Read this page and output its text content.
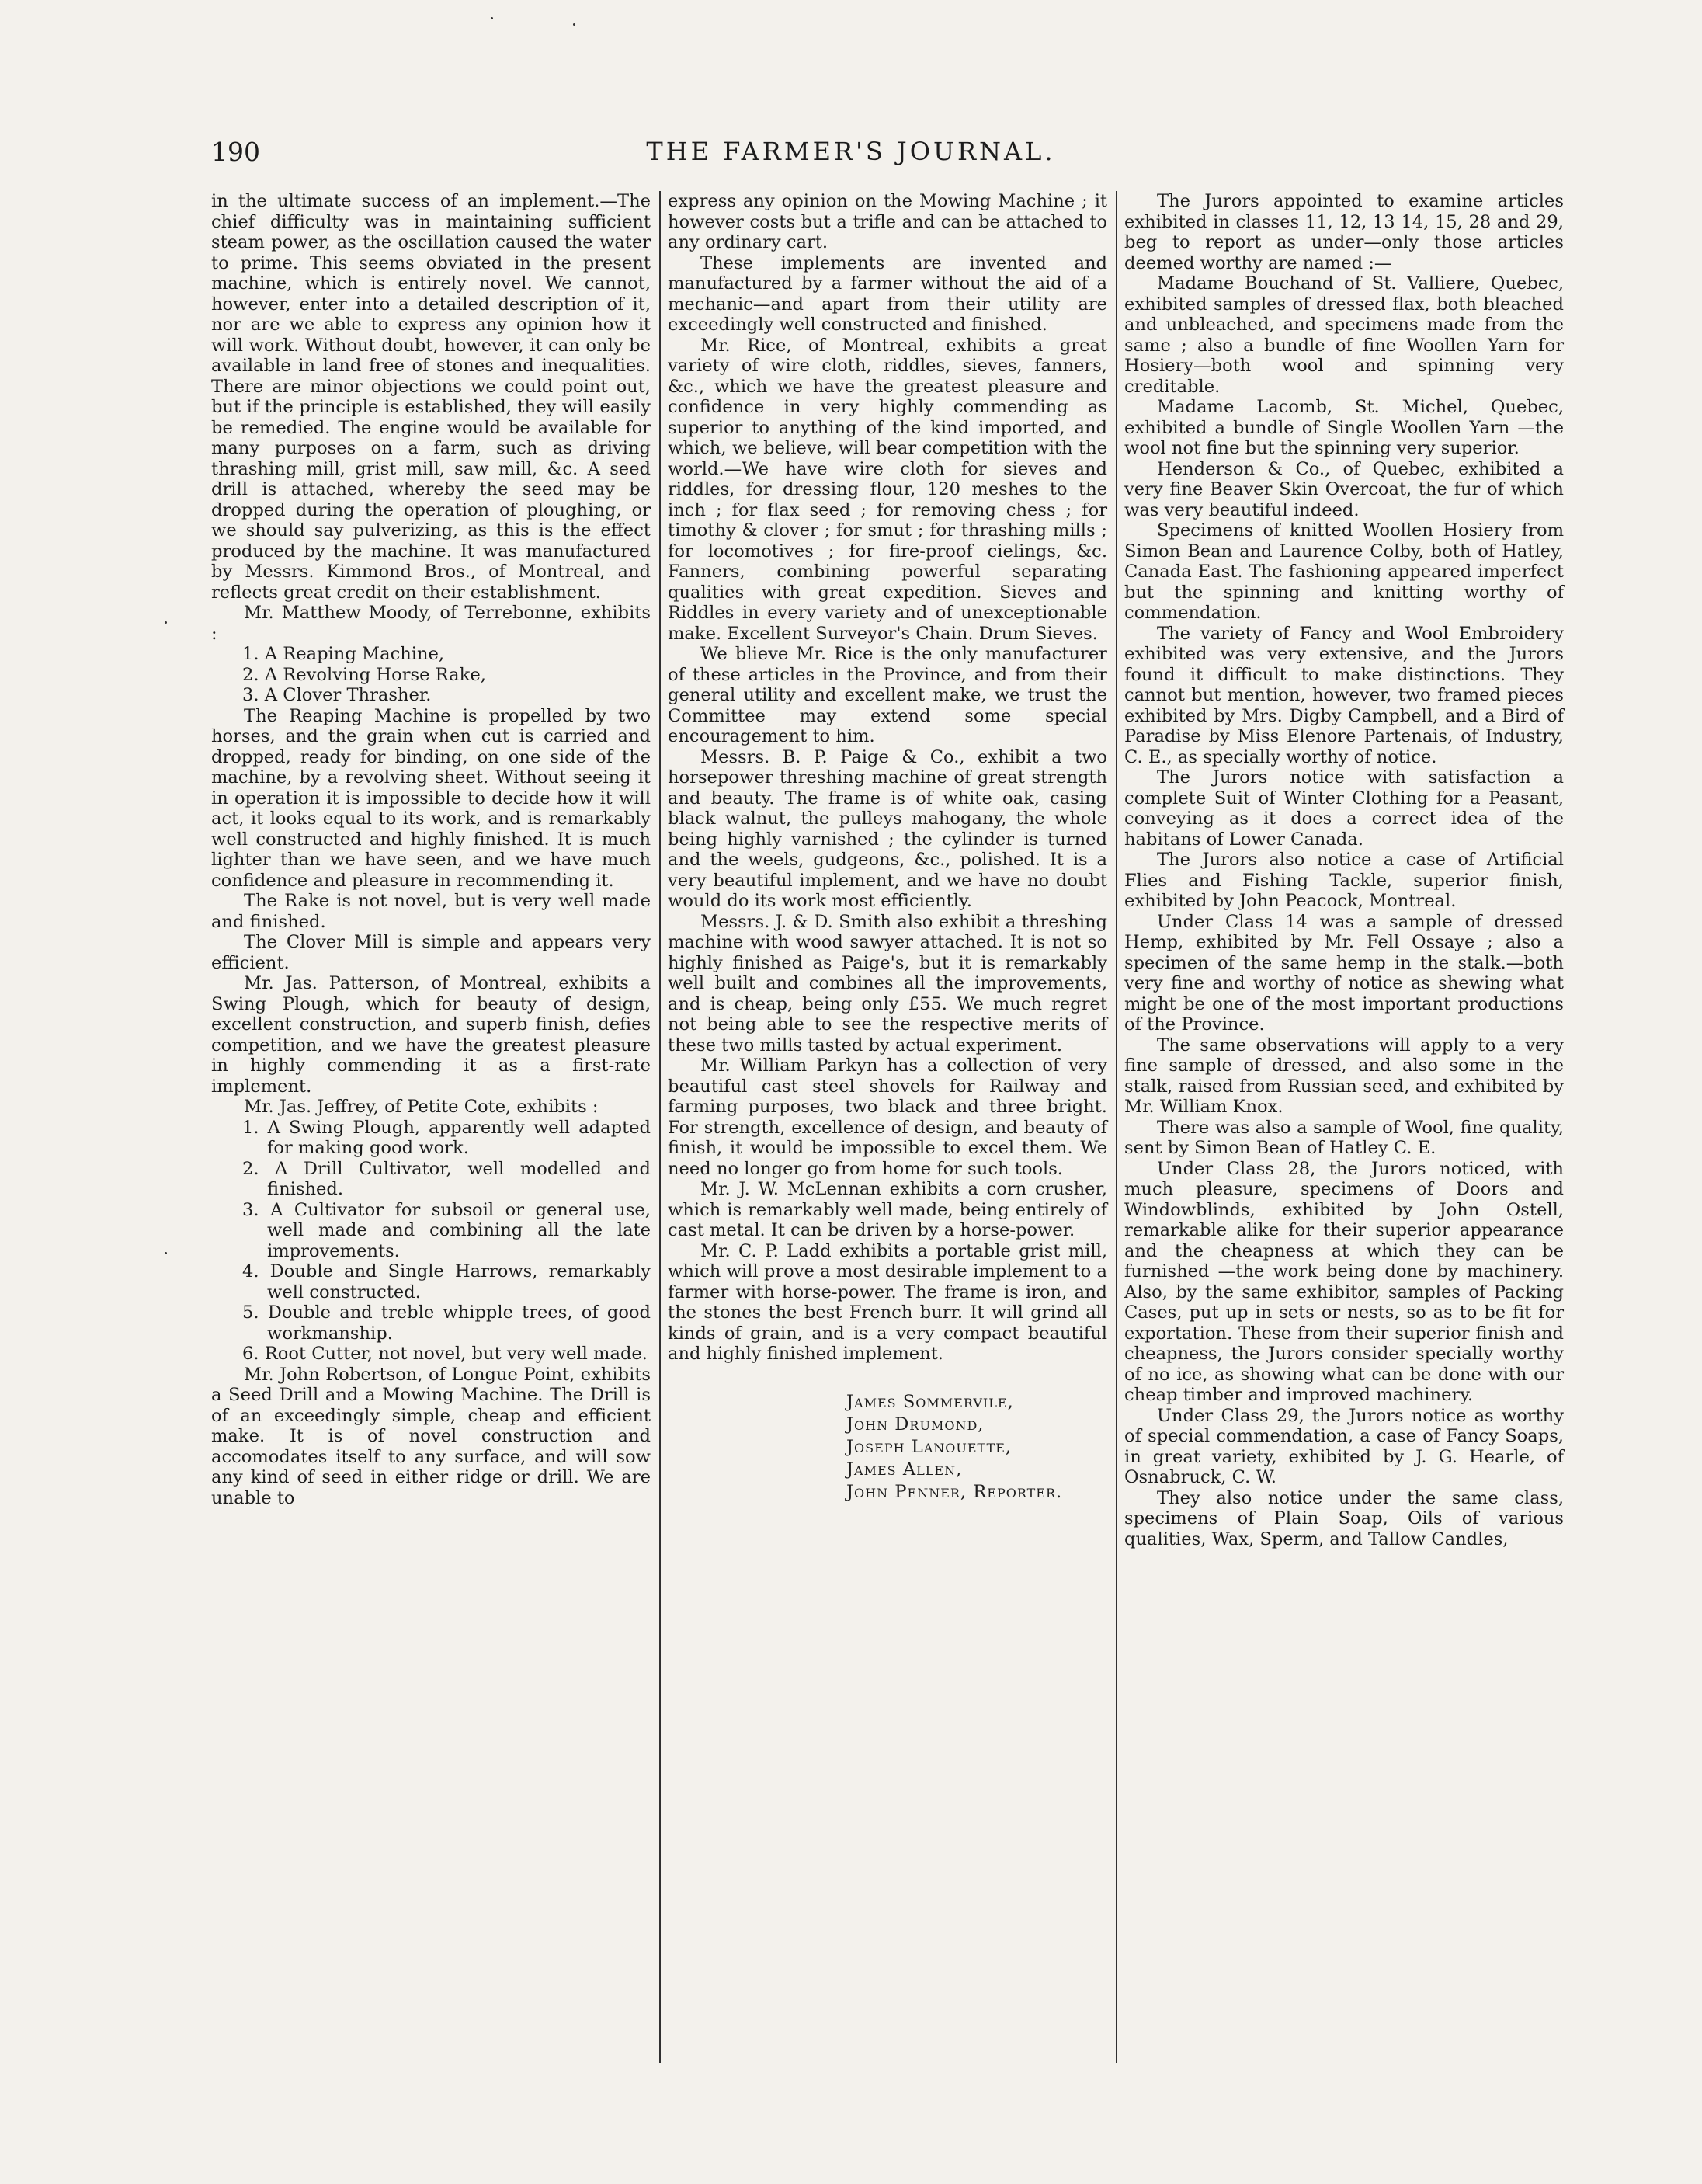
190	THE FARMER'S JOURNAL.

in the ultimate success of an implement.—The chief difficulty was in maintaining sufficient steam power, as the oscillation caused the water to prime. This seems obviated in the present machine, which is entirely novel. We cannot, however, enter into a detailed description of it, nor are we able to express any opinion how it will work. Without doubt, however, it can only be available in land free of stones and inequalities. There are minor objections we could point out, but if the principle is established, they will easily be remedied. The engine would be available for many purposes on a farm, such as driving thrashing mill, grist mill, saw mill, &c. A seed drill is attached, whereby the seed may be dropped during the operation of ploughing, or we should say pulverizing, as this is the effect produced by the machine. It was manufactured by Messrs. Kimmond Bros., of Montreal, and reflects great credit on their establishment.

Mr. Matthew Moody, of Terrebonne, exhibits :

1. A Reaping Machine,
2. A Revolving Horse Rake,
3. A Clover Thrasher.

The Reaping Machine is propelled by two horses, and the grain when cut is carried and dropped, ready for binding, on one side of the machine, by a revolving sheet. Without seeing it in operation it is impossible to decide how it will act, it looks equal to its work, and is remarkably well constructed and highly finished. It is much lighter than we have seen, and we have much confidence and pleasure in recommending it.

The Rake is not novel, but is very well made and finished.

The Clover Mill is simple and appears very efficient.

Mr. Jas. Patterson, of Montreal, exhibits a Swing Plough, which for beauty of design, excellent construction, and superb finish, defies competition, and we have the greatest pleasure in highly commending it as a first-rate implement.

Mr. Jas. Jeffrey, of Petite Cote, exhibits :

1. A Swing Plough, apparently well adapted for making good work.
2. A Drill Cultivator, well modelled and finished.
3. A Cultivator for subsoil or general use, well made and combining all the late improvements.
4. Double and Single Harrows, remarkably well constructed.
5. Double and treble whipple trees, of good workmanship.
6. Root Cutter, not novel, but very well made.

Mr. John Robertson, of Longue Point, exhibits a Seed Drill and a Mowing Machine. The Drill is of an exceedingly simple, cheap and efficient make. It is of novel construction and accomodates itself to any surface, and will sow any kind of seed in either ridge or drill. We are unable to

express any opinion on the Mowing Machine ; it however costs but a trifle and can be attached to any ordinary cart.

These implements are invented and manufactured by a farmer without the aid of a mechanic—and apart from their utility are exceedingly well constructed and finished.

Mr. Rice, of Montreal, exhibits a great variety of wire cloth, riddles, sieves, fanners, &c., which we have the greatest pleasure and confidence in very highly commending as superior to anything of the kind imported, and which, we believe, will bear competition with the world.—We have wire cloth for sieves and riddles, for dressing flour, 120 meshes to the inch ; for flax seed ; for removing chess ; for timothy & clover ; for smut ; for thrashing mills ; for locomotives ; for fire-proof cielings, &c. Fanners, combining powerful separating qualities with great expedition. Sieves and Riddles in every variety and of unexceptionable make. Excellent Surveyor's Chain. Drum Sieves.

We blieve Mr. Rice is the only manufacturer of these articles in the Province, and from their general utility and excellent make, we trust the Committee may extend some special encouragement to him.

Messrs. B. P. Paige & Co., exhibit a two horsepower threshing machine of great strength and beauty. The frame is of white oak, casing black walnut, the pulleys mahogany, the whole being highly varnished ; the cylinder is turned and the weels, gudgeons, &c., polished. It is a very beautiful implement, and we have no doubt would do its work most efficiently.

Messrs. J. & D. Smith also exhibit a threshing machine with wood sawyer attached. It is not so highly finished as Paige's, but it is remarkably well built and combines all the improvements, and is cheap, being only £55. We much regret not being able to see the respective merits of these two mills tasted by actual experiment.

Mr. William Parkyn has a collection of very beautiful cast steel shovels for Railway and farming purposes, two black and three bright. For strength, excellence of design, and beauty of finish, it would be impossible to excel them. We need no longer go from home for such tools.

Mr. J. W. McLennan exhibits a corn crusher, which is remarkably well made, being entirely of cast metal. It can be driven by a horse-power.

Mr. C. P. Ladd exhibits a portable grist mill, which will prove a most desirable implement to a farmer with horse-power. The frame is iron, and the stones the best French burr. It will grind all kinds of grain, and is a very compact beautiful and highly finished implement.

James Sommervile,
John Drumond,
Joseph Lanouette,
James Allen,
John Penner, Reporter.

The Jurors appointed to examine articles exhibited in classes 11, 12, 13 14, 15, 28 and 29, beg to report as under—only those articles deemed worthy are named :—

Madame Bouchand of St. Valliere, Quebec, exhibited samples of dressed flax, both bleached and unbleached, and specimens made from the same ; also a bundle of fine Woollen Yarn for Hosiery—both wool and spinning very creditable.

Madame Lacomb, St. Michel, Quebec, exhibited a bundle of Single Woollen Yarn —the wool not fine but the spinning very superior.

Henderson & Co., of Quebec, exhibited a very fine Beaver Skin Overcoat, the fur of which was very beautiful indeed.

Specimens of knitted Woollen Hosiery from Simon Bean and Laurence Colby, both of Hatley, Canada East. The fashioning appeared imperfect but the spinning and knitting worthy of commendation.

The variety of Fancy and Wool Embroidery exhibited was very extensive, and the Jurors found it difficult to make distinctions. They cannot but mention, however, two framed pieces exhibited by Mrs. Digby Campbell, and a Bird of Paradise by Miss Elenore Partenais, of Industry, C. E., as specially worthy of notice.

The Jurors notice with satisfaction a complete Suit of Winter Clothing for a Peasant, conveying as it does a correct idea of the habitans of Lower Canada.

The Jurors also notice a case of Artificial Flies and Fishing Tackle, superior finish, exhibited by John Peacock, Montreal.

Under Class 14 was a sample of dressed Hemp, exhibited by Mr. Fell Ossaye ; also a specimen of the same hemp in the stalk.—both very fine and worthy of notice as shewing what might be one of the most important productions of the Province.

The same observations will apply to a very fine sample of dressed, and also some in the stalk, raised from Russian seed, and exhibited by Mr. William Knox.

There was also a sample of Wool, fine quality, sent by Simon Bean of Hatley C. E.

Under Class 28, the Jurors noticed, with much pleasure, specimens of Doors and Windowblinds, exhibited by John Ostell, remarkable alike for their superior appearance and the cheapness at which they can be furnished —the work being done by machinery. Also, by the same exhibitor, samples of Packing Cases, put up in sets or nests, so as to be fit for exportation. These from their superior finish and cheapness, the Jurors consider specially worthy of no ice, as showing what can be done with our cheap timber and improved machinery.

Under Class 29, the Jurors notice as worthy of special commendation, a case of Fancy Soaps, in great variety, exhibited by J. G. Hearle, of Osnabruck, C. W.

They also notice under the same class, specimens of Plain Soap, Oils of various qualities, Wax, Sperm, and Tallow Candles,
